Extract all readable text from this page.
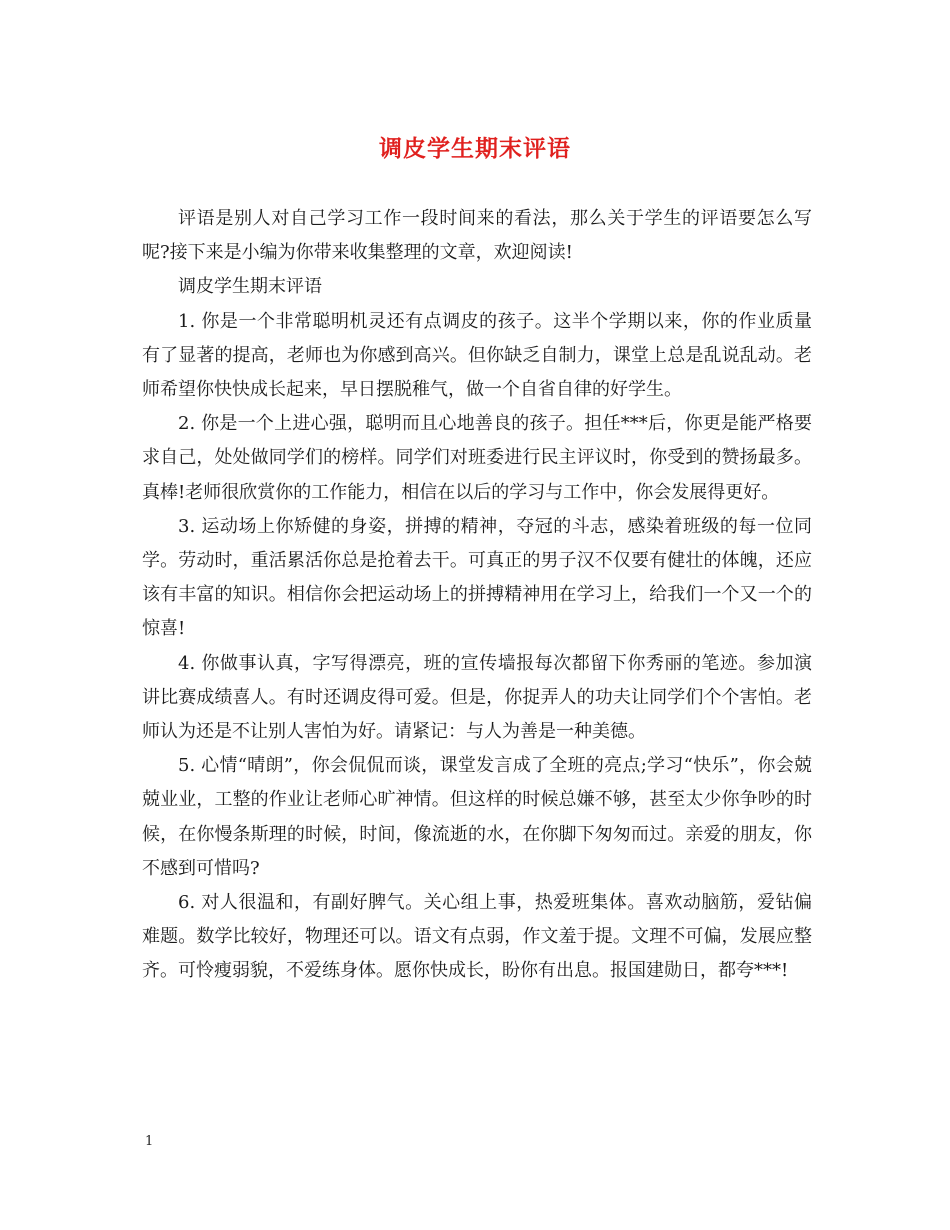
调皮学生期末评语

评语是别人对自己学习工作一段时间来的看法，那么关于学生的评语要怎么写呢?接下来是小编为你带来收集整理的文章，欢迎阅读!

调皮学生期末评语

1. 你是一个非常聪明机灵还有点调皮的孩子。这半个学期以来，你的作业质量有了显著的提高，老师也为你感到高兴。但你缺乏自制力，课堂上总是乱说乱动。老师希望你快快成长起来，早日摆脱稚气，做一个自省自律的好学生。

2. 你是一个上进心强，聪明而且心地善良的孩子。担任***后，你更是能严格要求自己，处处做同学们的榜样。同学们对班委进行民主评议时，你受到的赞扬最多。真棒!老师很欣赏你的工作能力，相信在以后的学习与工作中，你会发展得更好。

3. 运动场上你矫健的身姿，拼搏的精神，夺冠的斗志，感染着班级的每一位同学。劳动时，重活累活你总是抢着去干。可真正的男子汉不仅要有健壮的体魄，还应该有丰富的知识。相信你会把运动场上的拼搏精神用在学习上，给我们一个又一个的惊喜!

4. 你做事认真，字写得漂亮，班的宣传墙报每次都留下你秀丽的笔迹。参加演讲比赛成绩喜人。有时还调皮得可爱。但是，你捉弄人的功夫让同学们个个害怕。老师认为还是不让别人害怕为好。请紧记：与人为善是一种美德。

5. 心情“晴朗”，你会侃侃而谈，课堂发言成了全班的亮点;学习“快乐”，你会兢兢业业，工整的作业让老师心旷神情。但这样的时候总嫌不够，甚至太少你争吵的时候，在你慢条斯理的时候，时间，像流逝的水，在你脚下匆匆而过。亲爱的朋友，你不感到可惜吗?

6. 对人很温和，有副好脾气。关心组上事，热爱班集体。喜欢动脑筋，爱钻偏难题。数学比较好，物理还可以。语文有点弱，作文羞于提。文理不可偏，发展应整齐。可怜瘦弱貌，不爱练身体。愿你快成长，盼你有出息。报国建勋日，都夸***!

1
